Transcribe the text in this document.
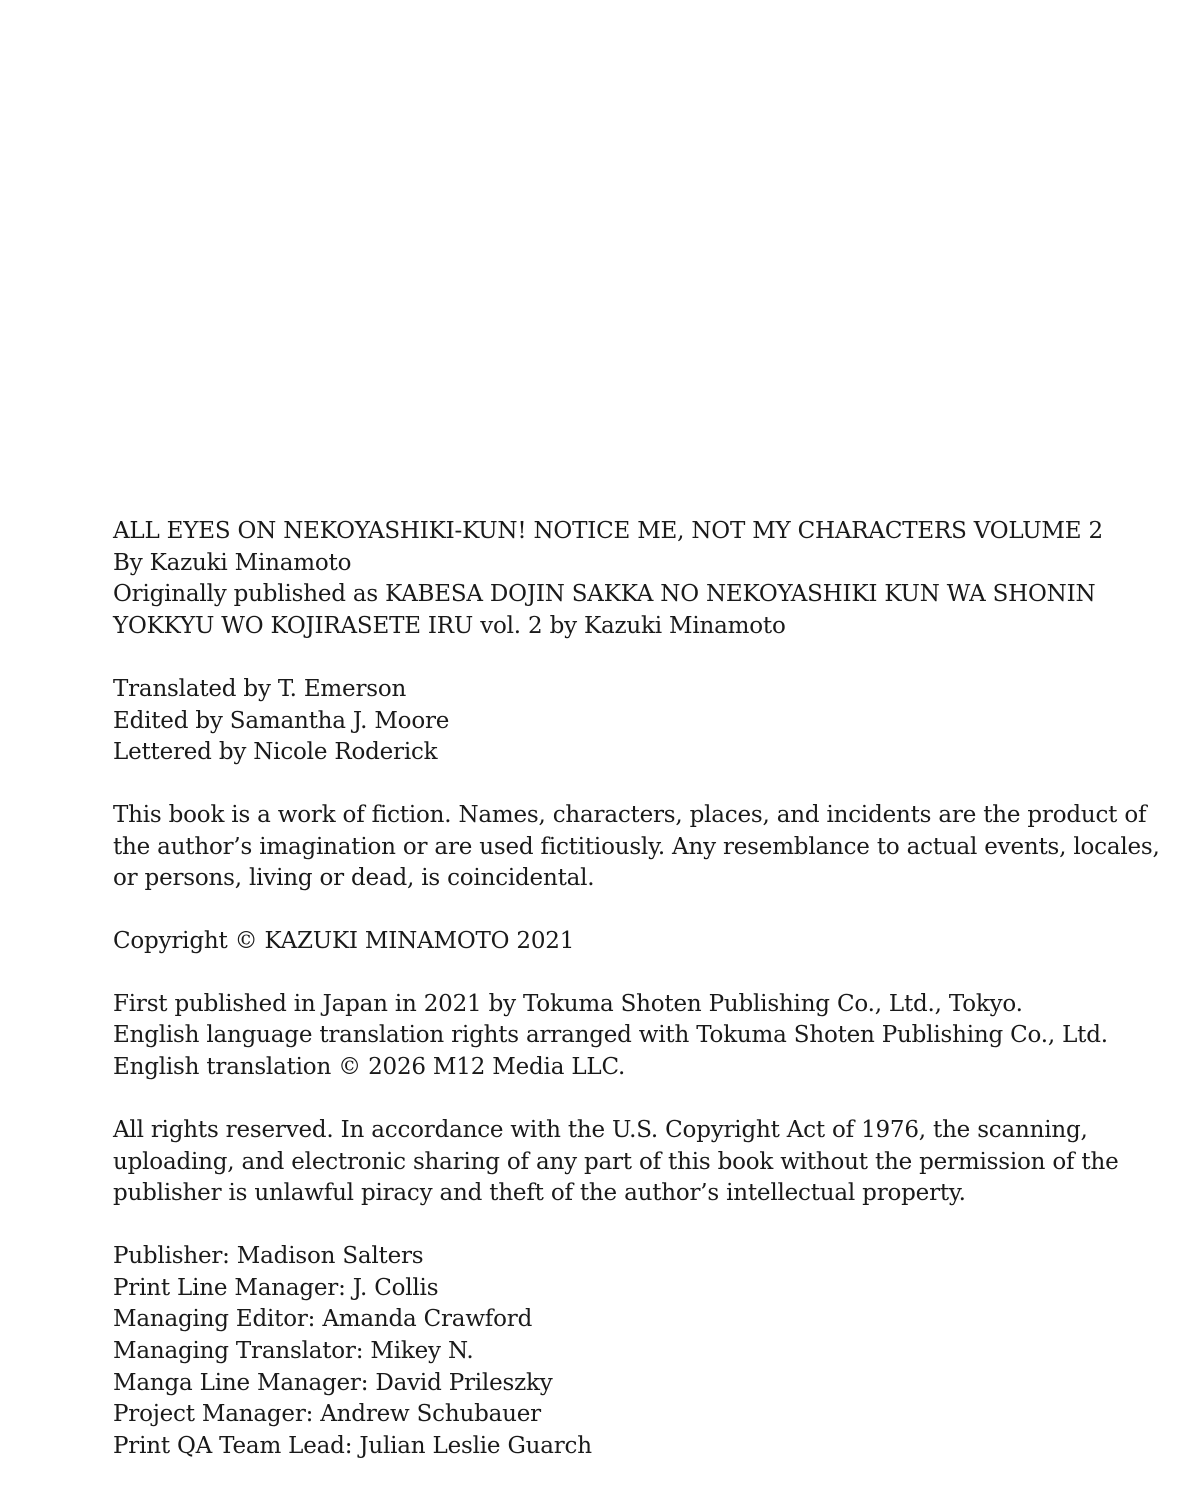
ALL EYES ON NEKOYASHIKI-KUN! NOTICE ME, NOT MY CHARACTERS VOLUME 2
By Kazuki Minamoto
Originally published as KABESA DOJIN SAKKA NO NEKOYASHIKI KUN WA SHONIN
YOKKYU WO KOJIRASETE IRU vol. 2 by Kazuki Minamoto
Translated by T. Emerson
Edited by Samantha J. Moore
Lettered by Nicole Roderick
This book is a work of fiction. Names, characters, places, and incidents are the product of
the author’s imagination or are used fictitiously. Any resemblance to actual events, locales,
or persons, living or dead, is coincidental.
Copyright © KAZUKI MINAMOTO 2021
First published in Japan in 2021 by Tokuma Shoten Publishing Co., Ltd., Tokyo.
English language translation rights arranged with Tokuma Shoten Publishing Co., Ltd.
English translation © 2026 M12 Media LLC.
All rights reserved. In accordance with the U.S. Copyright Act of 1976, the scanning,
uploading, and electronic sharing of any part of this book without the permission of the
publisher is unlawful piracy and theft of the author’s intellectual property.
Publisher: Madison Salters
Print Line Manager: J. Collis
Managing Editor: Amanda Crawford
Managing Translator: Mikey N.
Manga Line Manager: David Prileszky
Project Manager: Andrew Schubauer
Print QA Team Lead: Julian Leslie Guarch
